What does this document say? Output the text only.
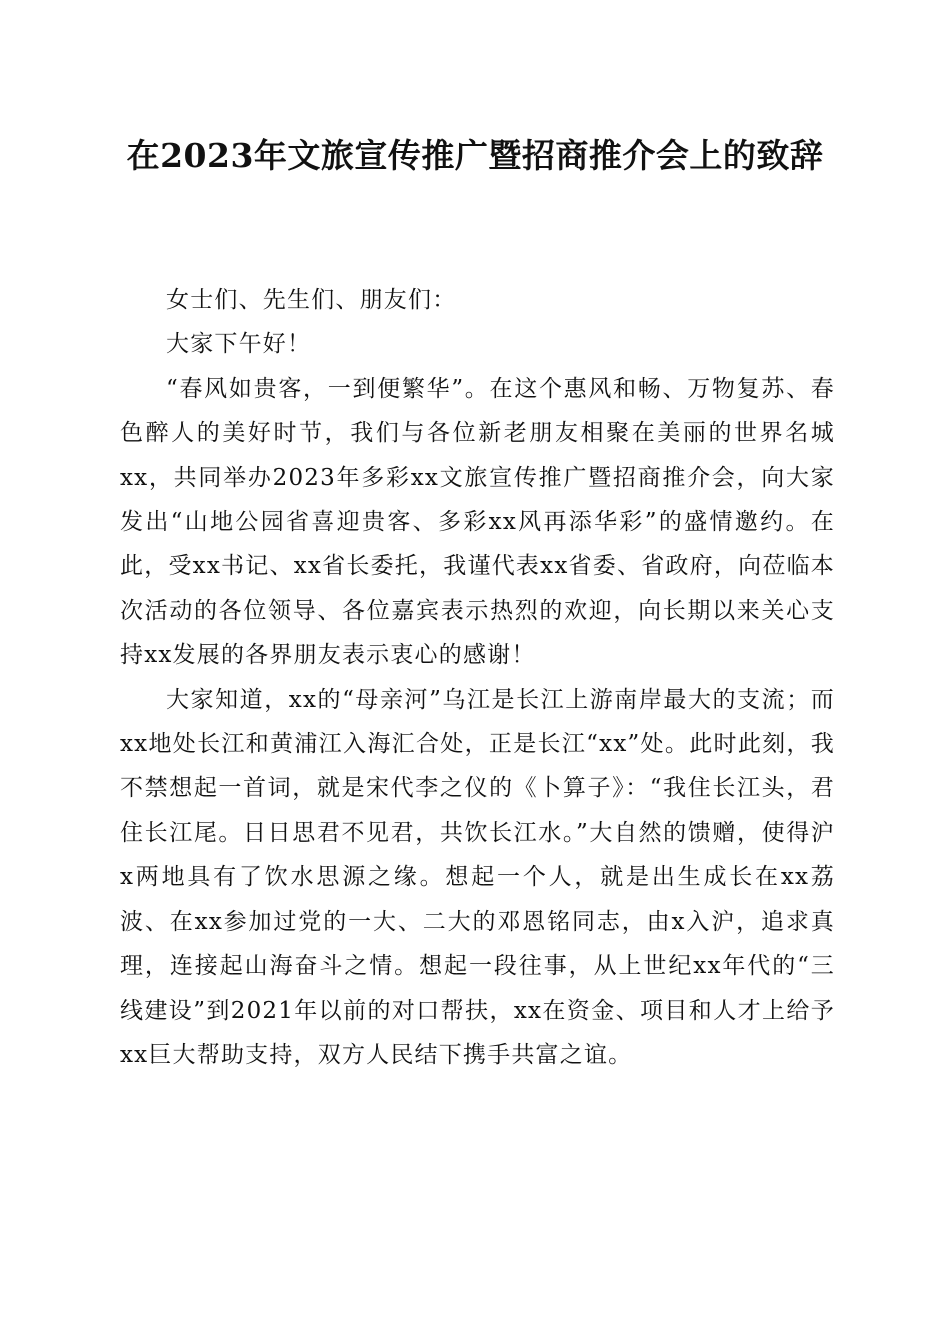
在2023年文旅宣传推广暨招商推介会上的致辞

女士们、先生们、朋友们：

大家下午好！

“春风如贵客，一到便繁华”。在这个惠风和畅、万物复苏、春色醉人的美好时节，我们与各位新老朋友相聚在美丽的世界名城xx，共同举办2023年多彩xx文旅宣传推广暨招商推介会，向大家发出“山地公园省喜迎贵客、多彩xx风再添华彩”的盛情邀约。在此，受xx书记、xx省长委托，我谨代表xx省委、省政府，向莅临本次活动的各位领导、各位嘉宾表示热烈的欢迎，向长期以来关心支持xx发展的各界朋友表示衷心的感谢！

大家知道，xx的“母亲河”乌江是长江上游南岸最大的支流；而xx地处长江和黄浦江入海汇合处，正是长江“xx”处。此时此刻，我不禁想起一首词，就是宋代李之仪的《卜算子》：“我住长江头，君住长江尾。日日思君不见君，共饮长江水。”大自然的馈赠，使得沪x两地具有了饮水思源之缘。想起一个人，就是出生成长在xx荔波、在xx参加过党的一大、二大的邓恩铭同志，由x入沪，追求真理，连接起山海奋斗之情。想起一段往事，从上世纪xx年代的“三线建设”到2021年以前的对口帮扶，xx在资金、项目和人才上给予xx巨大帮助支持，双方人民结下携手共富之谊。
